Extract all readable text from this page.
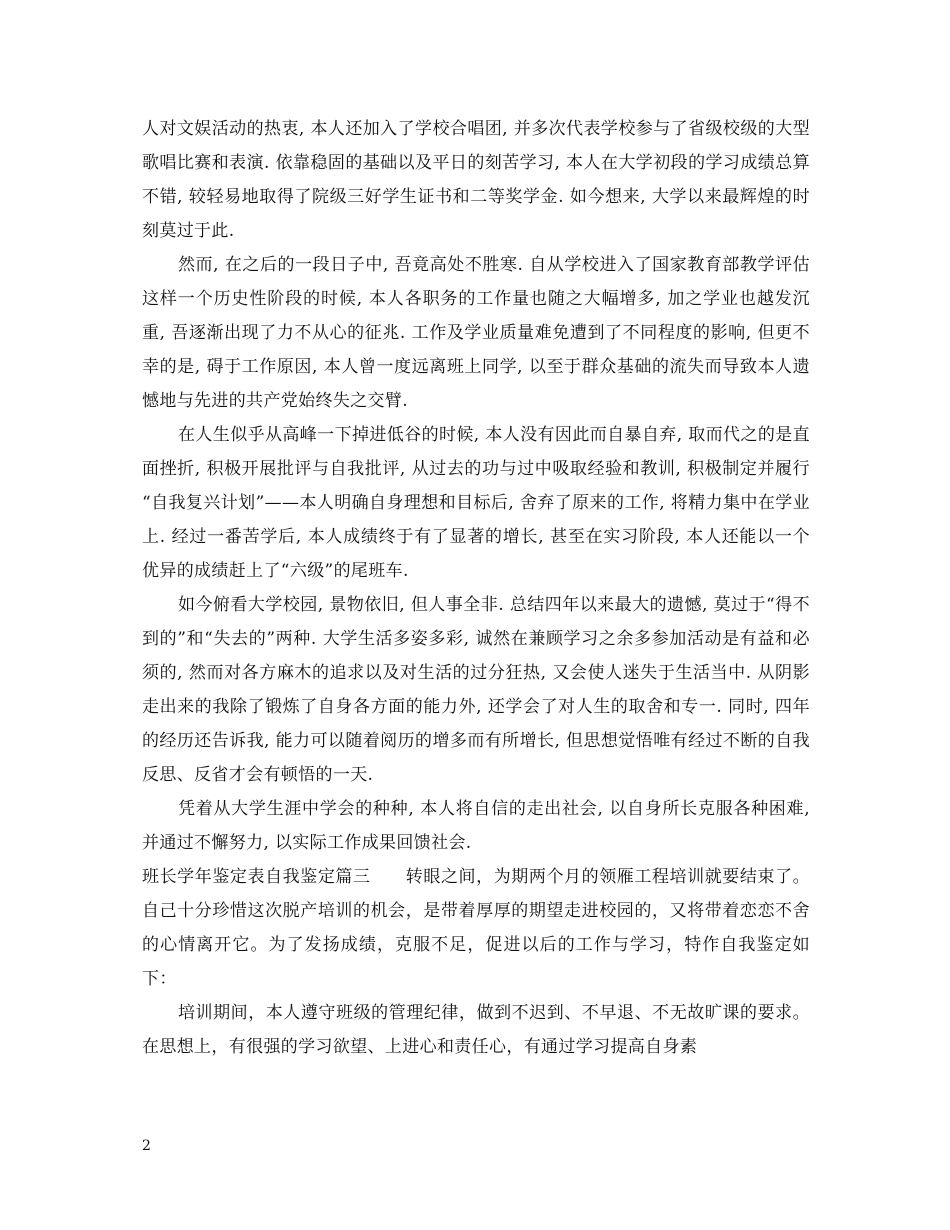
人对文娱活动的热衷, 本人还加入了学校合唱团, 并多次代表学校参与了省级校级的大型歌唱比赛和表演. 依靠稳固的基础以及平日的刻苦学习, 本人在大学初段的学习成绩总算不错, 较轻易地取得了院级三好学生证书和二等奖学金. 如今想来, 大学以来最辉煌的时刻莫过于此.

然而, 在之后的一段日子中, 吾竟高处不胜寒. 自从学校进入了国家教育部教学评估这样一个历史性阶段的时候, 本人各职务的工作量也随之大幅增多, 加之学业也越发沉重, 吾逐渐出现了力不从心的征兆. 工作及学业质量难免遭到了不同程度的影响, 但更不幸的是, 碍于工作原因, 本人曾一度远离班上同学, 以至于群众基础的流失而导致本人遗憾地与先进的共产党始终失之交臂.

在人生似乎从高峰一下掉进低谷的时候, 本人没有因此而自暴自弃, 取而代之的是直面挫折, 积极开展批评与自我批评, 从过去的功与过中吸取经验和教训, 积极制定并履行 “自我复兴计划”——本人明确自身理想和目标后, 舍弃了原来的工作, 将精力集中在学业上. 经过一番苦学后, 本人成绩终于有了显著的增长, 甚至在实习阶段, 本人还能以一个优异的成绩赶上了“六级”的尾班车.

如今俯看大学校园, 景物依旧, 但人事全非. 总结四年以来最大的遗憾, 莫过于“得不到的”和“失去的”两种. 大学生活多姿多彩, 诚然在兼顾学习之余多参加活动是有益和必须的, 然而对各方麻木的追求以及对生活的过分狂热, 又会使人迷失于生活当中. 从阴影走出来的我除了锻炼了自身各方面的能力外, 还学会了对人生的取舍和专一. 同时, 四年的经历还告诉我, 能力可以随着阅历的增多而有所增长, 但思想觉悟唯有经过不断的自我反思、反省才会有顿悟的一天.

凭着从大学生涯中学会的种种, 本人将自信的走出社会, 以自身所长克服各种困难, 并通过不懈努力, 以实际工作成果回馈社会.

班长学年鉴定表自我鉴定篇三　　转眼之间，为期两个月的领雁工程培训就要结束了。自己十分珍惜这次脱产培训的机会，是带着厚厚的期望走进校园的，又将带着恋恋不舍的心情离开它。为了发扬成绩，克服不足，促进以后的工作与学习，特作自我鉴定如下：

培训期间，本人遵守班级的管理纪律，做到不迟到、不早退、不无故旷课的要求。在思想上，有很强的学习欲望、上进心和责任心，有通过学习提高自身素

2
